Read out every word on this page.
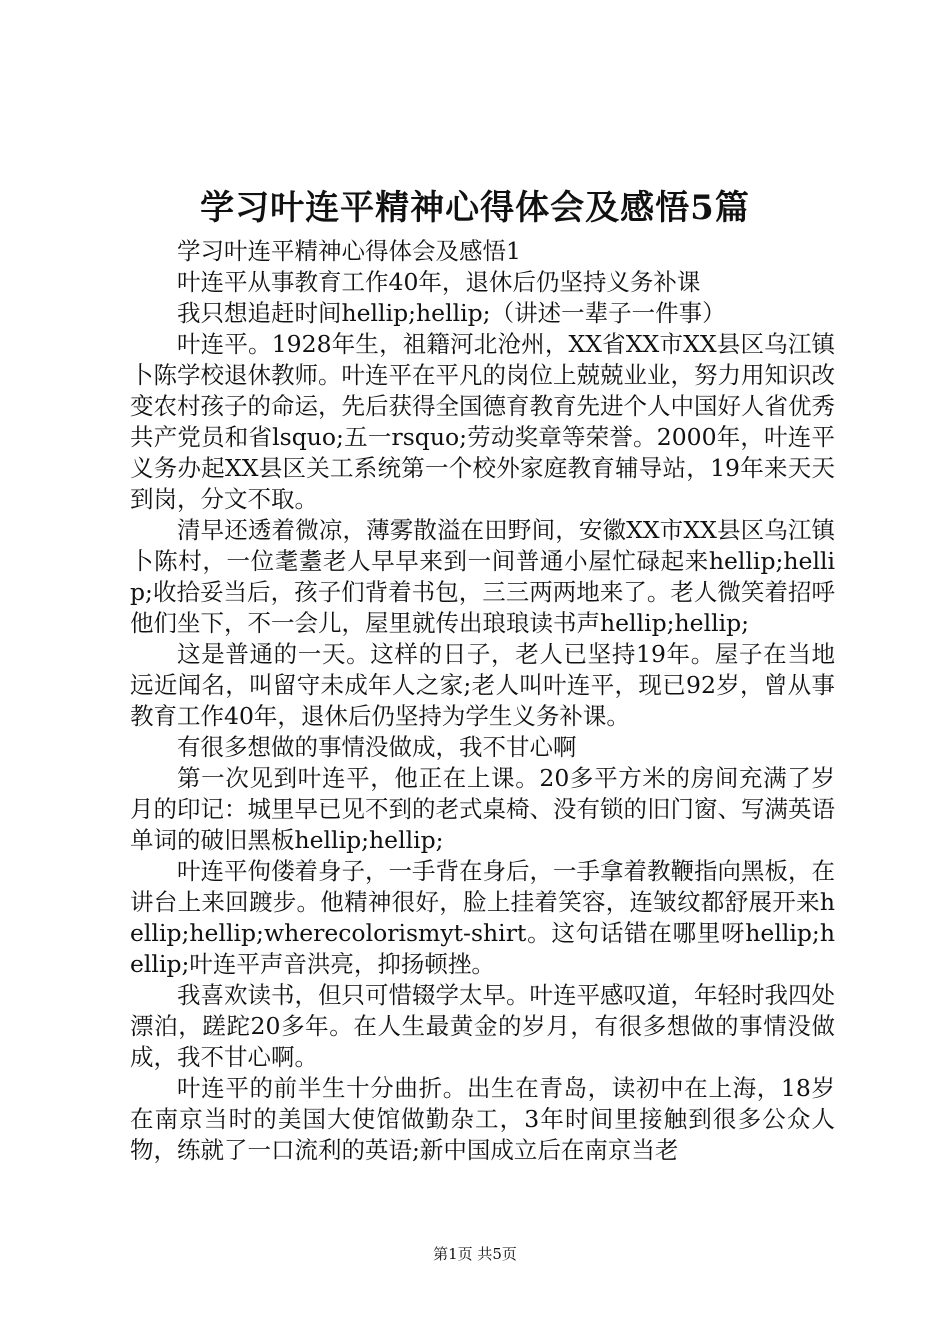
学习叶连平精神心得体会及感悟5篇

学习叶连平精神心得体会及感悟1

叶连平从事教育工作40年，退休后仍坚持义务补课

我只想追赶时间hellip;hellip;（讲述一辈子一件事）

叶连平。1928年生，祖籍河北沧州，XX省XX市XX县区乌江镇卜陈学校退休教师。叶连平在平凡的岗位上兢兢业业，努力用知识改变农村孩子的命运，先后获得全国德育教育先进个人中国好人省优秀共产党员和省lsquo;五一rsquo;劳动奖章等荣誉。2000年，叶连平义务办起XX县区关工系统第一个校外家庭教育辅导站，19年来天天到岗，分文不取。

清早还透着微凉，薄雾散溢在田野间，安徽XX市XX县区乌江镇卜陈村，一位耄耋老人早早来到一间普通小屋忙碌起来hellip;hellip;收拾妥当后，孩子们背着书包，三三两两地来了。老人微笑着招呼他们坐下，不一会儿，屋里就传出琅琅读书声hellip;hellip;

这是普通的一天。这样的日子，老人已坚持19年。屋子在当地远近闻名，叫留守未成年人之家;老人叫叶连平，现已92岁，曾从事教育工作40年，退休后仍坚持为学生义务补课。

有很多想做的事情没做成，我不甘心啊

第一次见到叶连平，他正在上课。20多平方米的房间充满了岁月的印记：城里早已见不到的老式桌椅、没有锁的旧门窗、写满英语单词的破旧黑板hellip;hellip;

叶连平佝偻着身子，一手背在身后，一手拿着教鞭指向黑板，在讲台上来回踱步。他精神很好，脸上挂着笑容，连皱纹都舒展开来hellip;hellip;wherecolorismyt-shirt。这句话错在哪里呀hellip;hellip;叶连平声音洪亮，抑扬顿挫。

我喜欢读书，但只可惜辍学太早。叶连平感叹道，年轻时我四处漂泊，蹉跎20多年。在人生最黄金的岁月，有很多想做的事情没做成，我不甘心啊。

叶连平的前半生十分曲折。出生在青岛，读初中在上海，18岁在南京当时的美国大使馆做勤杂工，3年时间里接触到很多公众人物，练就了一口流利的英语;新中国成立后在南京当老

第1页 共5页
